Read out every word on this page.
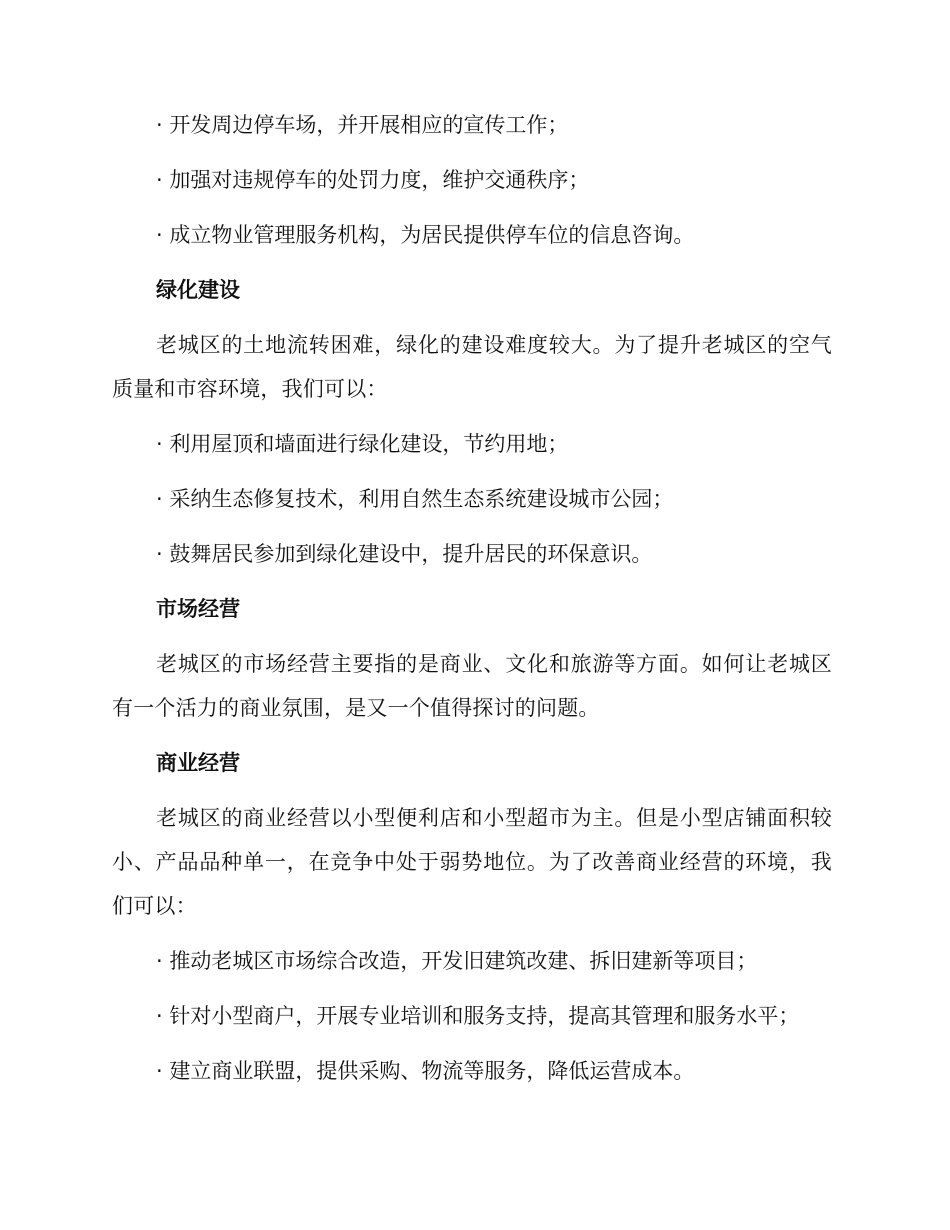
· 开发周边停车场，并开展相应的宣传工作；
· 加强对违规停车的处罚力度，维护交通秩序；
· 成立物业管理服务机构，为居民提供停车位的信息咨询。
绿化建设
老城区的土地流转困难，绿化的建设难度较大。为了提升老城区的空气质量和市容环境，我们可以：
· 利用屋顶和墙面进行绿化建设，节约用地；
· 采纳生态修复技术，利用自然生态系统建设城市公园；
· 鼓舞居民参加到绿化建设中，提升居民的环保意识。
市场经营
老城区的市场经营主要指的是商业、文化和旅游等方面。如何让老城区有一个活力的商业氛围，是又一个值得探讨的问题。
商业经营
老城区的商业经营以小型便利店和小型超市为主。但是小型店铺面积较小、产品品种单一，在竞争中处于弱势地位。为了改善商业经营的环境，我们可以：
· 推动老城区市场综合改造，开发旧建筑改建、拆旧建新等项目；
· 针对小型商户，开展专业培训和服务支持，提高其管理和服务水平；
· 建立商业联盟，提供采购、物流等服务，降低运营成本。
